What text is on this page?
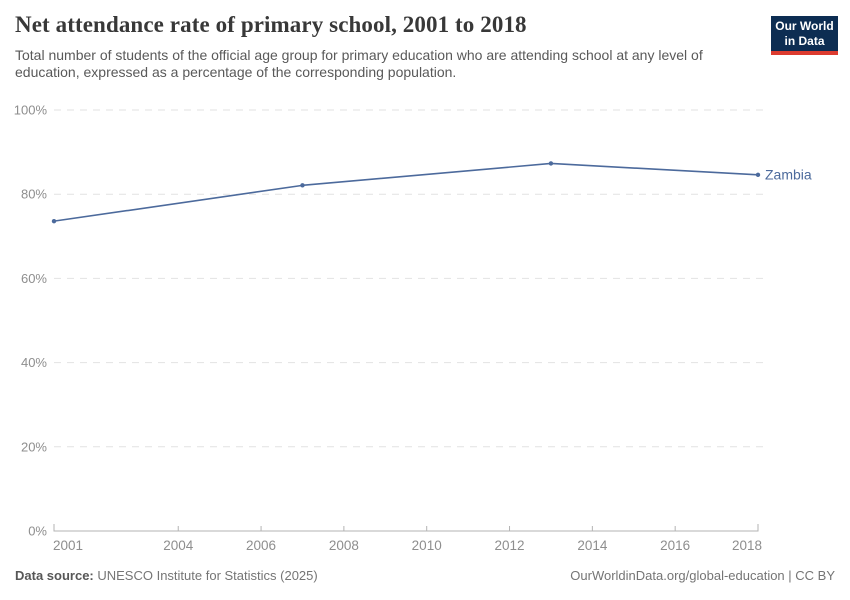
Net attendance rate of primary school, 2001 to 2018

Total number of students of the official age group for primary education who are attending school at any level of education, expressed as a percentage of the corresponding population.

Our World
in Data
0%
20%
40%
60%
80%
100%
2001	2004	2006	2008	2010	2012	2014	2016	2018
Zambia
Data source: UNESCO Institute for Statistics (2025)	OurWorldinData.org/global-education | CC BY
